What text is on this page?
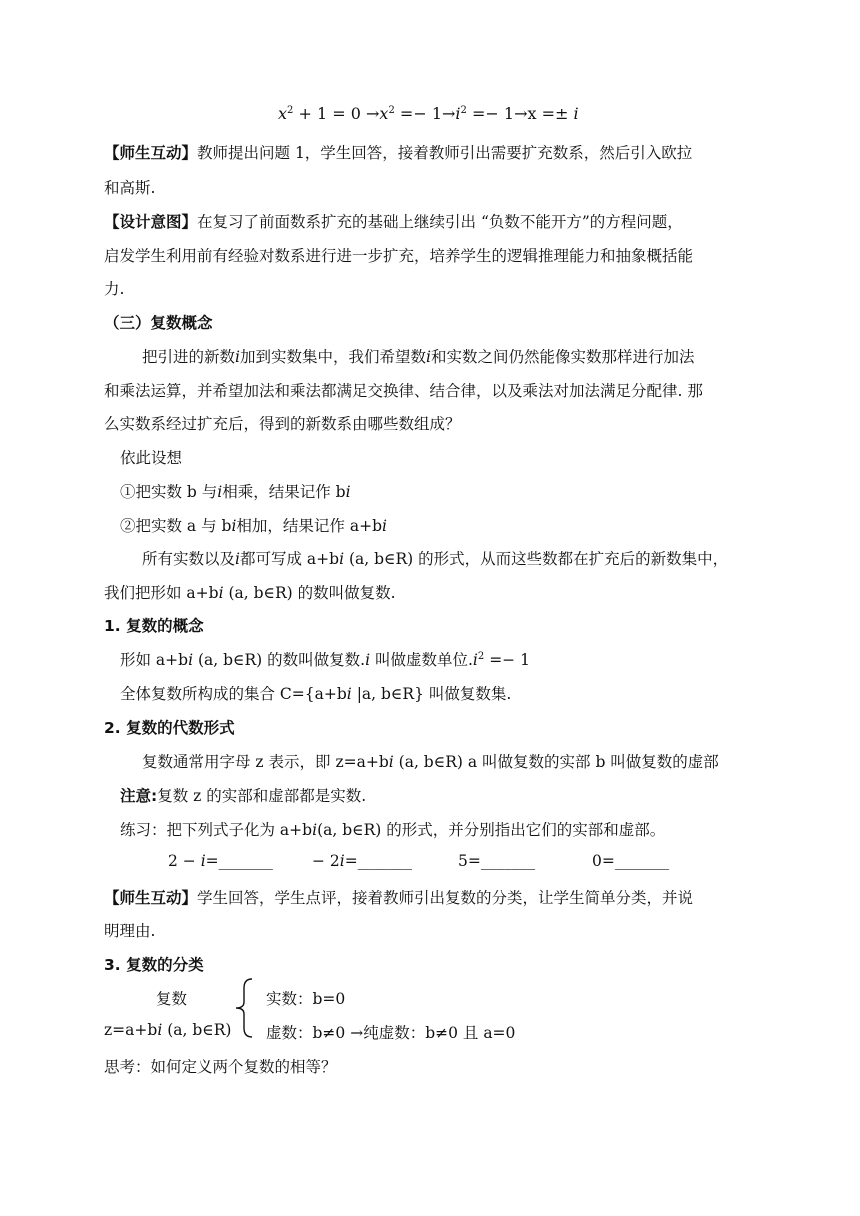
$x^2 + 1 = 0 \to x^2 =- 1\to i^2 =- 1\to x =\pm i$
【师生互动】教师提出问题 1，学生回答，接着教师引出需要扩充数系，然后引入欧拉
和高斯.
【设计意图】在复习了前面数系扩充的基础上继续引出 “负数不能开方”的方程问题，
启发学生利用前有经验对数系进行进一步扩充，培养学生的逻辑推理能力和抽象概括能
力.
（三）复数概念
把引进的新数i加到实数集中，我们希望数i和实数之间仍然能像实数那样进行加法
和乘法运算，并希望加法和乘法都满足交换律、结合律，以及乘法对加法满足分配律. 那
么实数系经过扩充后，得到的新数系由哪些数组成？
依此设想
①把实数 b 与i相乘，结果记作 bi
②把实数 a 与 bi相加，结果记作 a+bi
所有实数以及i都可写成 a+bi (a, b∈R) 的形式，从而这些数都在扩充后的新数集中，
我们把形如 a+bi (a, b∈R) 的数叫做复数.
1. 复数的概念
形如 a+bi (a, b∈R) 的数叫做复数.i 叫做虚数单位$.i^2 =- 1$
全体复数所构成的集合 C={a+bi |a, b∈R} 叫做复数集.
2. 复数的代数形式
复数通常用字母 z 表示，即 z=a+bi (a, b∈R) a 叫做复数的实部 b 叫做复数的虚部
注意:复数 z 的实部和虚部都是实数.
练习：把下列式子化为 a+bi(a, b∈R) 的形式，并分别指出它们的实部和虚部。
2 − i=_______	− 2i=_______	5=_______	0=_______
【师生互动】学生回答，学生点评，接着教师引出复数的分类，让学生简单分类，并说
明理由.
3. 复数的分类
复数	实数：b=0
z=a+bi (a, b∈R) 虚数：b≠0 →纯虚数：b≠0 且 a=0
思考：如何定义两个复数的相等？
